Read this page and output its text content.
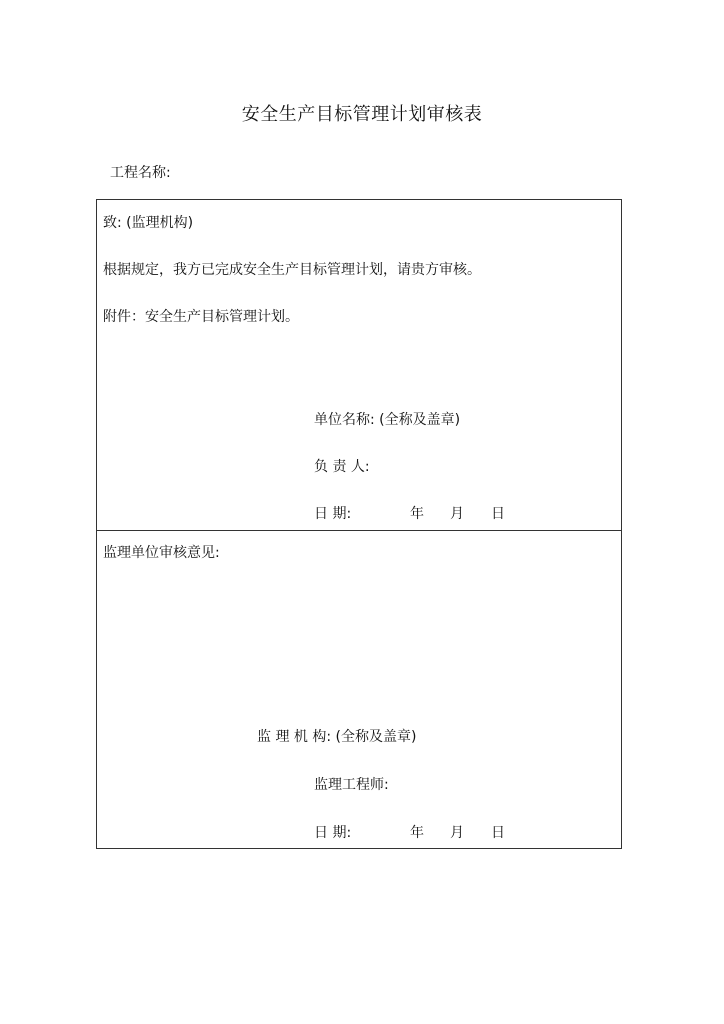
安全生产目标管理计划审核表
工程名称:
致: (监理机构)
根据规定，我方已完成安全生产目标管理计划，请贵方审核。
附件：安全生产目标管理计划。
单位名称: (全称及盖章)
负 责 人:
日 期:	年 月 日
监理单位审核意见:
监 理 机 构: (全称及盖章)
监理工程师:
日 期:	年 月 日
